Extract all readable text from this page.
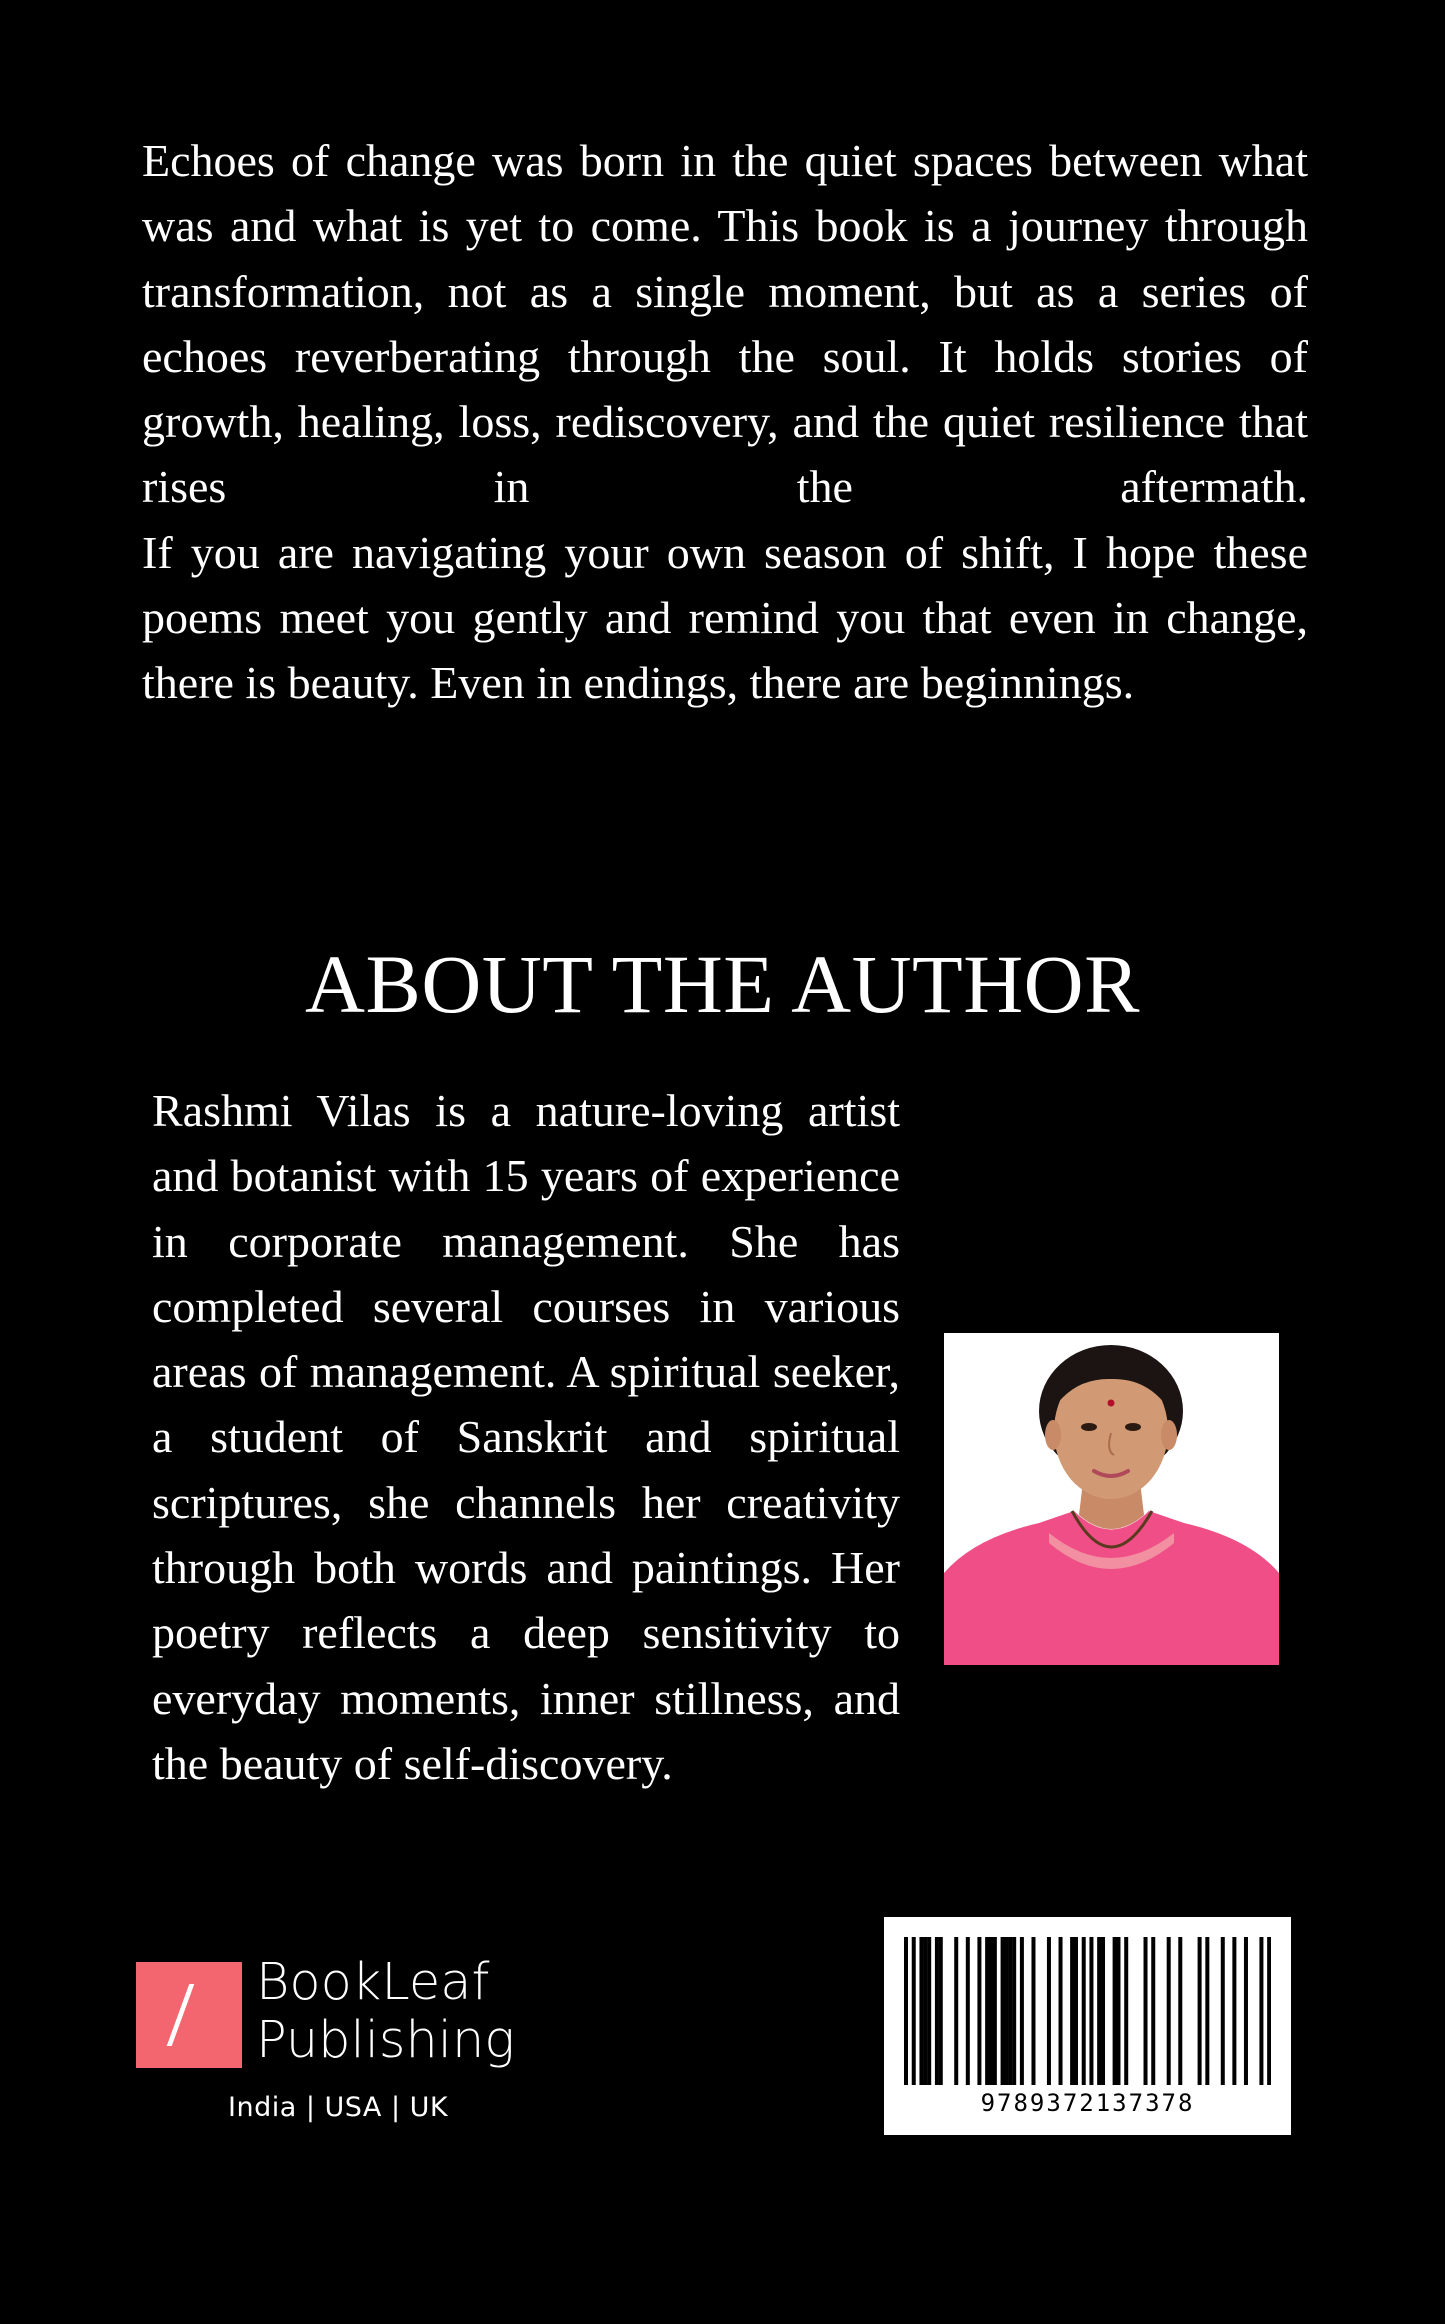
Echoes of change was born in the quiet spaces between what was and what is yet to come. This book is a journey through transformation, not as a single moment, but as a series of echoes reverberating through the soul. It holds stories of growth, healing, loss, rediscovery, and the quiet resilience that rises in the aftermath.

If you are navigating your own season of shift, I hope these poems meet you gently and remind you that even in change, there is beauty. Even in endings, there are beginnings.

ABOUT THE AUTHOR

Rashmi Vilas is a nature-loving artist and botanist with 15 years of experience in corporate management. She has completed several courses in various areas of management. A spiritual seeker, a student of Sanskrit and spiritual scriptures, she channels her creativity through both words and paintings. Her poetry reflects a deep sensitivity to everyday moments, inner stillness, and the beauty of self-discovery.

BookLeaf
Publishing
India | USA | UK	9789372137378
